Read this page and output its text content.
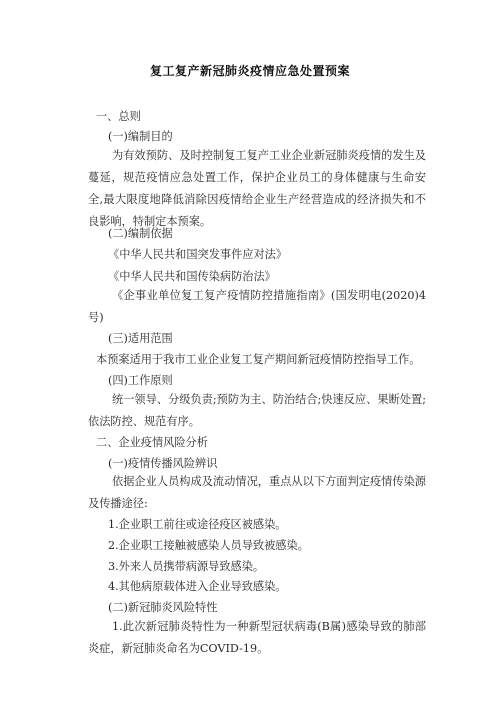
复工复产新冠肺炎疫情应急处置预案
一、总则
(一)编制目的
为有效预防、及时控制复工复产工业企业新冠肺炎疫情的发生及蔓延，规范疫情应急处置工作，保护企业员工的身体健康与生命安全,最大限度地降低消除因疫情给企业生产经营造成的经济损失和不良影响，特制定本预案。
(二)编制依据
《中华人民共和国突发事件应对法》
《中华人民共和国传染病防治法》
《企事业单位复工复产疫情防控措施指南》(国发明电(2020)4号)
(三)适用范围
本预案适用于我市工业企业复工复产期间新冠疫情防控指导工作。
(四)工作原则
统一领导、分级负责;预防为主、防治结合;快速反应、果断处置;依法防控、规范有序。
二、企业疫情风险分析
(一)疫情传播风险辨识
依据企业人员构成及流动情况，重点从以下方面判定疫情传染源及传播途径:
1.企业职工前往或途径疫区被感染。
2.企业职工接触被感染人员导致被感染。
3.外来人员携带病源导致感染。
4.其他病原载体进入企业导致感染。
(二)新冠肺炎风险特性
1.此次新冠肺炎特性为一种新型冠状病毒(B属)感染导致的肺部炎症，新冠肺炎命名为COVID-19。
